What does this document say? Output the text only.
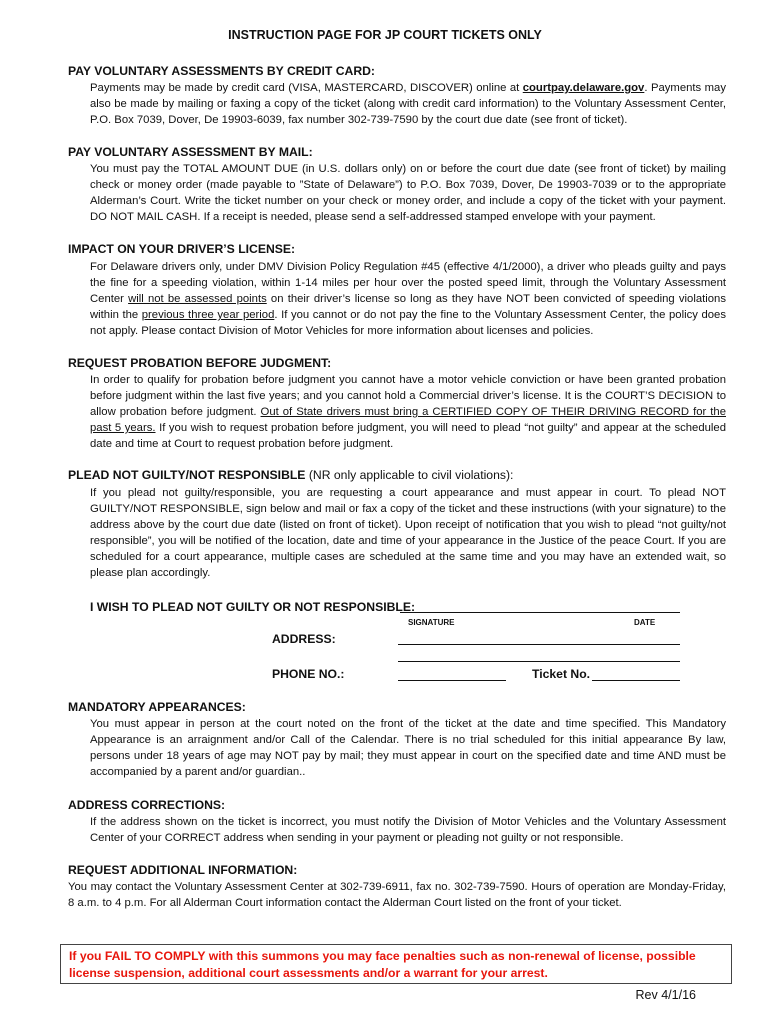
INSTRUCTION PAGE FOR JP COURT TICKETS ONLY
PAY VOLUNTARY ASSESSMENTS BY CREDIT CARD:
Payments may be made by credit card (VISA, MASTERCARD, DISCOVER) online at courtpay.delaware.gov. Payments may also be made by mailing or faxing a copy of the ticket (along with credit card information) to the Voluntary Assessment Center, P.O. Box 7039, Dover, De 19903-6039, fax number 302-739-7590 by the court due date (see front of ticket).
PAY VOLUNTARY ASSESSMENT BY MAIL:
You must pay the TOTAL AMOUNT DUE (in U.S. dollars only) on or before the court due date (see front of ticket) by mailing check or money order (made payable to ”State of Delaware”) to P.O. Box 7039, Dover, De 19903-7039 or to the appropriate Alderman’s Court. Write the ticket number on your check or money order, and include a copy of the ticket with your payment. DO NOT MAIL CASH. If a receipt is needed, please send a self-addressed stamped envelope with your payment.
IMPACT ON YOUR DRIVER’S LICENSE:
For Delaware drivers only, under DMV Division Policy Regulation #45 (effective 4/1/2000), a driver who pleads guilty and pays the fine for a speeding violation, within 1-14 miles per hour over the posted speed limit, through the Voluntary Assessment Center will not be assessed points on their driver’s license so long as they have NOT been convicted of speeding violations within the previous three year period. If you cannot or do not pay the fine to the Voluntary Assessment Center, the policy does not apply. Please contact Division of Motor Vehicles for more information about licenses and policies.
REQUEST PROBATION BEFORE JUDGMENT:
In order to qualify for probation before judgment you cannot have a motor vehicle conviction or have been granted probation before judgment within the last five years; and you cannot hold a Commercial driver’s license. It is the COURT’S DECISION to allow probation before judgment. Out of State drivers must bring a CERTIFIED COPY OF THEIR DRIVING RECORD for the past 5 years. If you wish to request probation before judgment, you will need to plead “not guilty” and appear at the scheduled date and time at Court to request probation before judgment.
PLEAD NOT GUILTY/NOT RESPONSIBLE (NR only applicable to civil violations):
If you plead not guilty/responsible, you are requesting a court appearance and must appear in court. To plead NOT GUILTY/NOT RESPONSIBLE, sign below and mail or fax a copy of the ticket and these instructions (with your signature) to the address above by the court due date (listed on front of ticket). Upon receipt of notification that you wish to plead “not guilty/not responsible”, you will be notified of the location, date and time of your appearance in the Justice of the peace Court. If you are scheduled for a court appearance, multiple cases are scheduled at the same time and you may have an extended wait, so please plan accordingly.
I WISH TO PLEAD NOT GUILTY OR NOT RESPONSIBLE:
SIGNATURE	DATE
ADDRESS:
PHONE NO.:	Ticket No.
MANDATORY APPEARANCES:
You must appear in person at the court noted on the front of the ticket at the date and time specified. This Mandatory Appearance is an arraignment and/or Call of the Calendar. There is no trial scheduled for this initial appearance By law, persons under 18 years of age may NOT pay by mail; they must appear in court on the specified date and time AND must be accompanied by a parent and/or guardian..
ADDRESS CORRECTIONS:
If the address shown on the ticket is incorrect, you must notify the Division of Motor Vehicles and the Voluntary Assessment Center of your CORRECT address when sending in your payment or pleading not guilty or not responsible.
REQUEST ADDITIONAL INFORMATION:
You may contact the Voluntary Assessment Center at 302-739-6911, fax no. 302-739-7590. Hours of operation are Monday-Friday, 8 a.m. to 4 p.m. For all Alderman Court information contact the Alderman Court listed on the front of your ticket.
If you FAIL TO COMPLY with this summons you may face penalties such as non-renewal of license, possible license suspension, additional court assessments and/or a warrant for your arrest.
Rev 4/1/16
